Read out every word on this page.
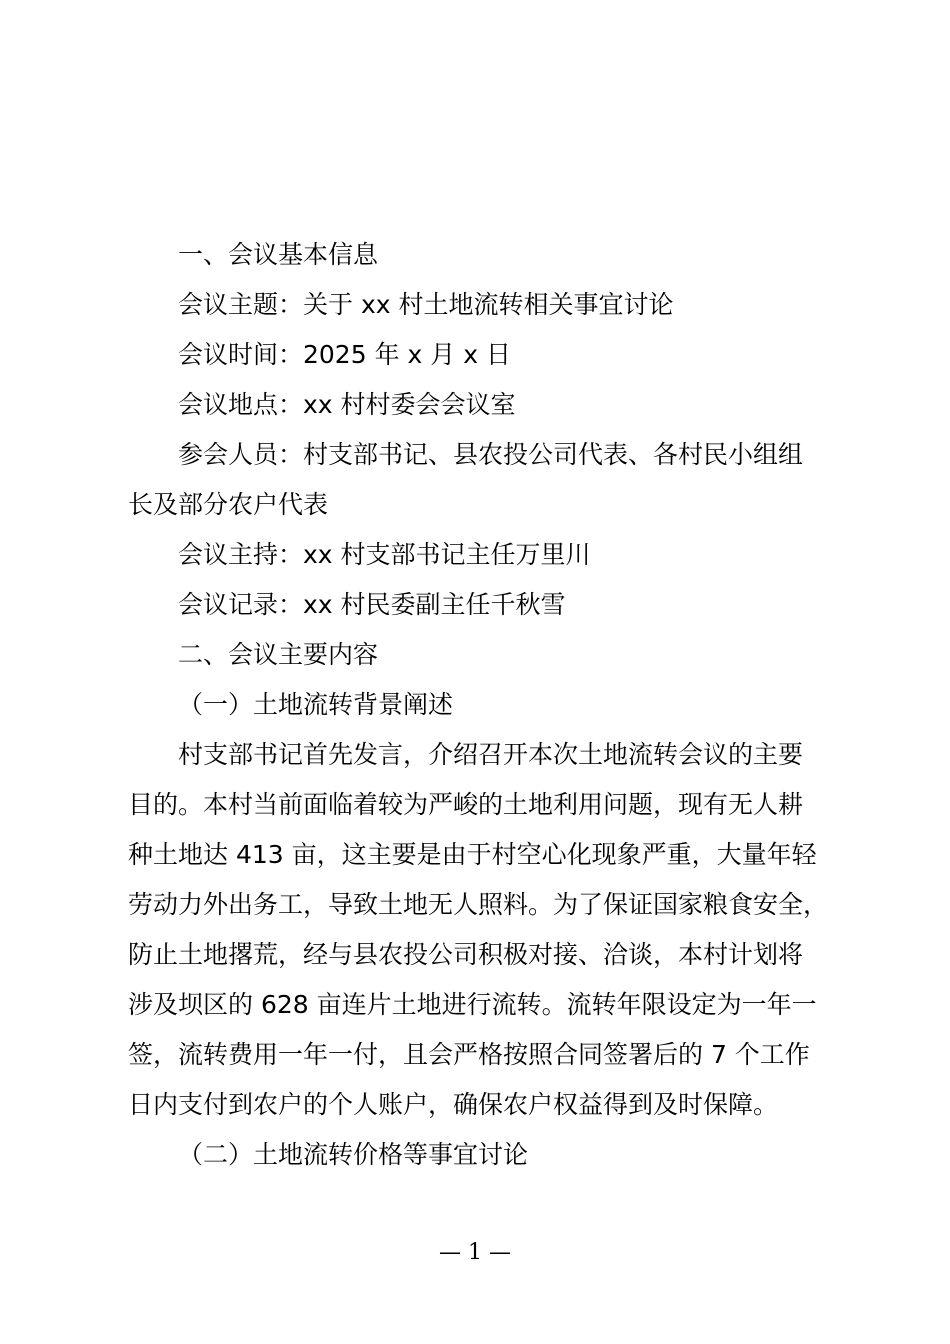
一、会议基本信息

会议主题：关于 xx 村土地流转相关事宜讨论

会议时间：2025 年 x 月 x 日

会议地点：xx 村村委会会议室

参会人员：村支部书记、县农投公司代表、各村民小组组

长及部分农户代表

会议主持：xx 村支部书记主任万里川

会议记录：xx 村民委副主任千秋雪

二、会议主要内容

（一）土地流转背景阐述

村支部书记首先发言，介绍召开本次土地流转会议的主要

目的。本村当前面临着较为严峻的土地利用问题，现有无人耕

种土地达 413 亩，这主要是由于村空心化现象严重，大量年轻

劳动力外出务工，导致土地无人照料。为了保证国家粮食安全，

防止土地撂荒，经与县农投公司积极对接、洽谈，本村计划将

涉及坝区的 628 亩连片土地进行流转。流转年限设定为一年一

签，流转费用一年一付，且会严格按照合同签署后的 7 个工作

日内支付到农户的个人账户，确保农户权益得到及时保障。

（二）土地流转价格等事宜讨论

— 1 —
